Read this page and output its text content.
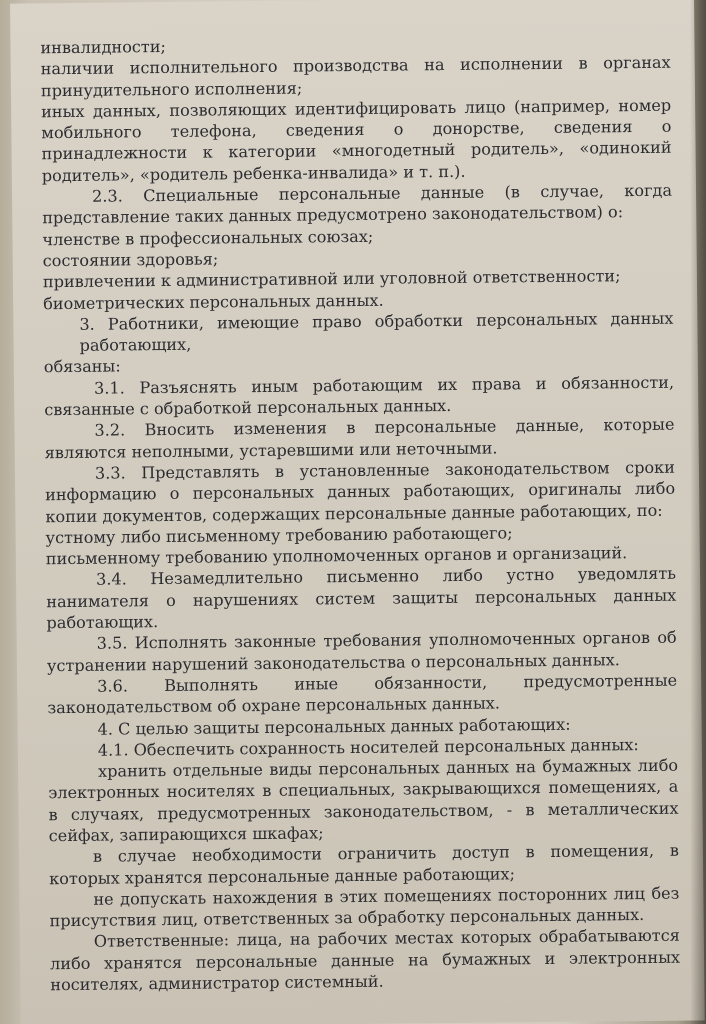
инвалидности;

наличии исполнительного производства на исполнении в органах принудительного исполнения;

иных данных, позволяющих идентифицировать лицо (например, номер мобильного телефона, сведения о донорстве, сведения о принадлежности к категории «многодетный родитель», «одинокий родитель», «родитель ребенка-инвалида» и т. п.).

2.3. Специальные персональные данные (в случае, когда представление таких данных предусмотрено законодательством) о:

членстве в профессиональных союзах;

состоянии здоровья;

привлечении к административной или уголовной ответственности;

биометрических персональных данных.

3. Работники, имеющие право обработки персональных данных работающих,

обязаны:

3.1. Разъяснять иным работающим их права и обязанности, связанные с обработкой персональных данных.

3.2. Вносить изменения в персональные данные, которые являются неполными, устаревшими или неточными.

3.3. Представлять в установленные законодательством сроки информацию о персональных данных работающих, оригиналы либо копии документов, содержащих персональные данные работающих, по:

устному либо письменному требованию работающего;

письменному требованию уполномоченных органов и организаций.

3.4. Незамедлительно письменно либо устно уведомлять нанимателя о нарушениях систем защиты персональных данных работающих.

3.5. Исполнять законные требования уполномоченных органов об устранении нарушений законодательства о персональных данных.

3.6. Выполнять иные обязанности, предусмотренные законодательством об охране персональных данных.

4. С целью защиты персональных данных работающих:

4.1. Обеспечить сохранность носителей персональных данных:

хранить отдельные виды персональных данных на бумажных либо электронных носителях в специальных, закрывающихся помещениях, а в случаях, предусмотренных законодательством, - в металлических сейфах, запирающихся шкафах;

в случае необходимости ограничить доступ в помещения, в которых хранятся персональные данные работающих;

не допускать нахождения в этих помещениях посторонних лиц без присутствия лиц, ответственных за обработку персональных данных.

Ответственные: лица, на рабочих местах которых обрабатываются либо хранятся персональные данные на бумажных и электронных носителях, администратор системный.
